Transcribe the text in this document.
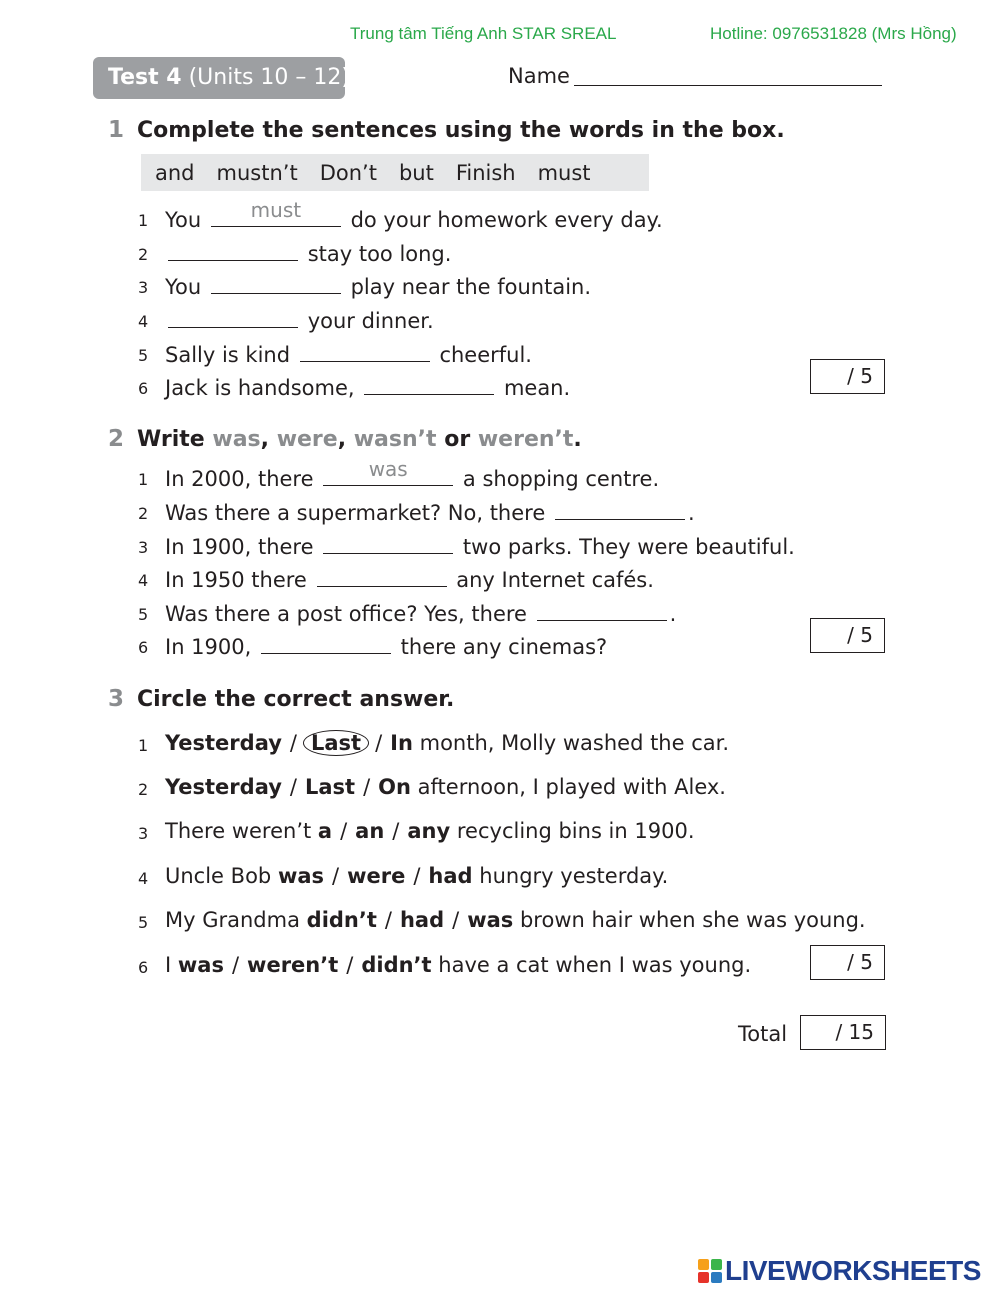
Trung tâm Tiếng Anh STAR SREAL	Hotline: 0976531828 (Mrs Hồng)
Test 4 (Units 10 – 12)	Name
1 Complete the sentences using the words in the box.
and mustn’t Don’t but Finish must
1 You	must	do your homework every day.
2	stay too long.
3 You	play near the fountain.
4	your dinner.
5 Sally is kind	cheerful.
6 Jack is handsome,	mean.	/ 5
2 Write was, were, wasn’t or weren’t.
1 In 2000, there	was	a shopping centre.
2 Was there a supermarket? No, there	.
3 In 1900, there	two parks. They were beautiful.
4 In 1950 there	any Internet cafés.
5 Was there a post office? Yes, there	.
6 In 1900,	there any cinemas?	/ 5
3 Circle the correct answer.
1 Yesterday / Last / In month, Molly washed the car.
2 Yesterday / Last / On afternoon, I played with Alex.
3 There weren’t a / an / any recycling bins in 1900.
4 Uncle Bob was / were / had hungry yesterday.
5 My Grandma didn’t / had / was brown hair when she was young.
6 I was / weren’t / didn’t have a cat when I was young.	/ 5
Total	/ 15
LIVEWORKSHEETS
